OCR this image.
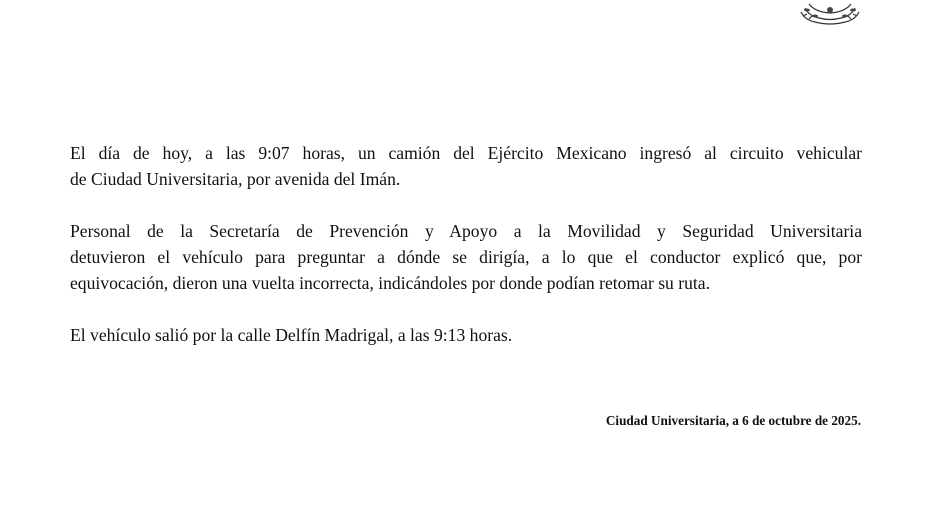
El día de hoy, a las 9:07 horas, un camión del Ejército Mexicano ingresó al circuito vehicular
de Ciudad Universitaria, por avenida del Imán.

Personal de la Secretaría de Prevención y Apoyo a la Movilidad y Seguridad Universitaria
detuvieron el vehículo para preguntar a dónde se dirigía, a lo que el conductor explicó que, por
equivocación, dieron una vuelta incorrecta, indicándoles por donde podían retomar su ruta.

El vehículo salió por la calle Delfín Madrigal, a las 9:13 horas.

Ciudad Universitaria, a 6 de octubre de 2025.
